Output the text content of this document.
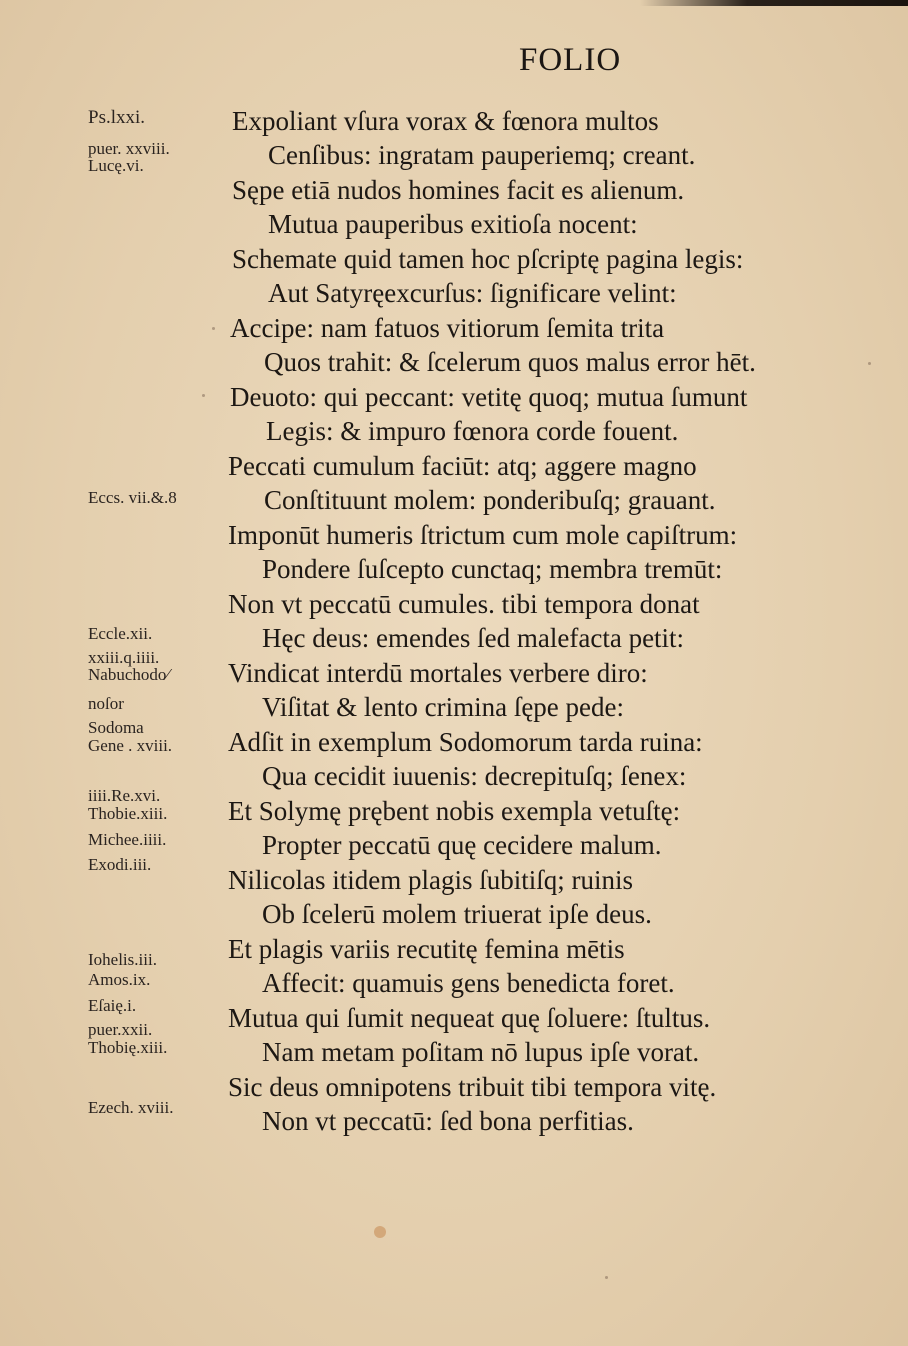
FOLIO
Expoliant vſura vorax & fœnora multos
Cenſibus: ingratam pauperiemq; creant.
Sępe etiā nudos homines facit es alienum.
Mutua pauperibus exitioſa nocent:
Schemate quid tamen hoc pſcriptę pagina legis:
Aut Satyręexcurſus: ſignificare velint:
Accipe: nam fatuos vitiorum ſemita trita
Quos trahit: & ſcelerum quos malus error hēt.
Deuoto: qui peccant: vetitę quoq; mutua ſumunt
Legis: & impuro fœnora corde fouent.
Peccati cumulum faciūt: atq; aggere magno
Conſtituunt molem: ponderibuſq; grauant.
Imponūt humeris ſtrictum cum mole capiſtrum:
Pondere ſuſcepto cunctaq; membra tremūt:
Non vt peccatū cumules. tibi tempora donat
Hęc deus: emendes ſed malefacta petit:
Vindicat interdū mortales verbere diro:
Viſitat & lento crimina ſępe pede:
Adſit in exemplum Sodomorum tarda ruina:
Qua cecidit iuuenis: decrepituſq; ſenex:
Et Solymę prębent nobis exempla vetuſtę:
Propter peccatū quę cecidere malum.
Nilicolas itidem plagis ſubitiſq; ruinis
Ob ſcelerū molem triuerat ipſe deus.
Et plagis variis recutitę femina mētis
Affecit: quamuis gens benedicta foret.
Mutua qui ſumit nequeat quę ſoluere: ſtultus.
Nam metam poſitam nō lupus ipſe vorat.
Sic deus omnipotens tribuit tibi tempora vitę.
Non vt peccatū: ſed bona perfitias.
Ps.lxxi.
puer. xxviii.
Lucę.vi.
Eccs. vii.&.8
Eccle.xii.
xxiii.q.iiii.
Nabuchodo⁄
noſor
Sodoma
Gene . xviii.
iiii.Re.xvi.
Thobie.xiii.
Michee.iiii.
Exodi.iii.
Iohelis.iii.
Amos.ix.
Eſaię.i.
puer.xxii.
Thobię.xiii.
Ezech. xviii.
